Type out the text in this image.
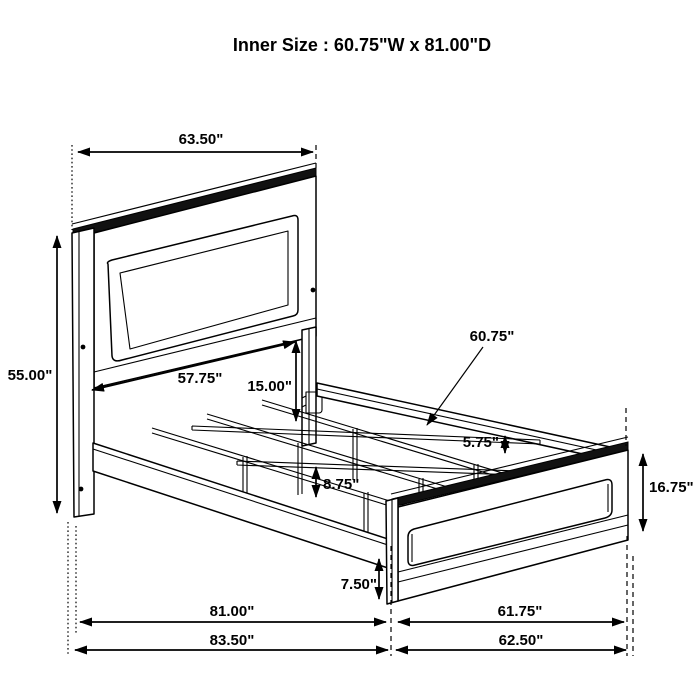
Inner Size : 60.75"W x 81.00"D
63.50"
55.00"	57.75" 15.00"
60.75"
5.75"
8.75"	16.75"
7.50"
81.00"	61.75"
83.50"	62.50"
